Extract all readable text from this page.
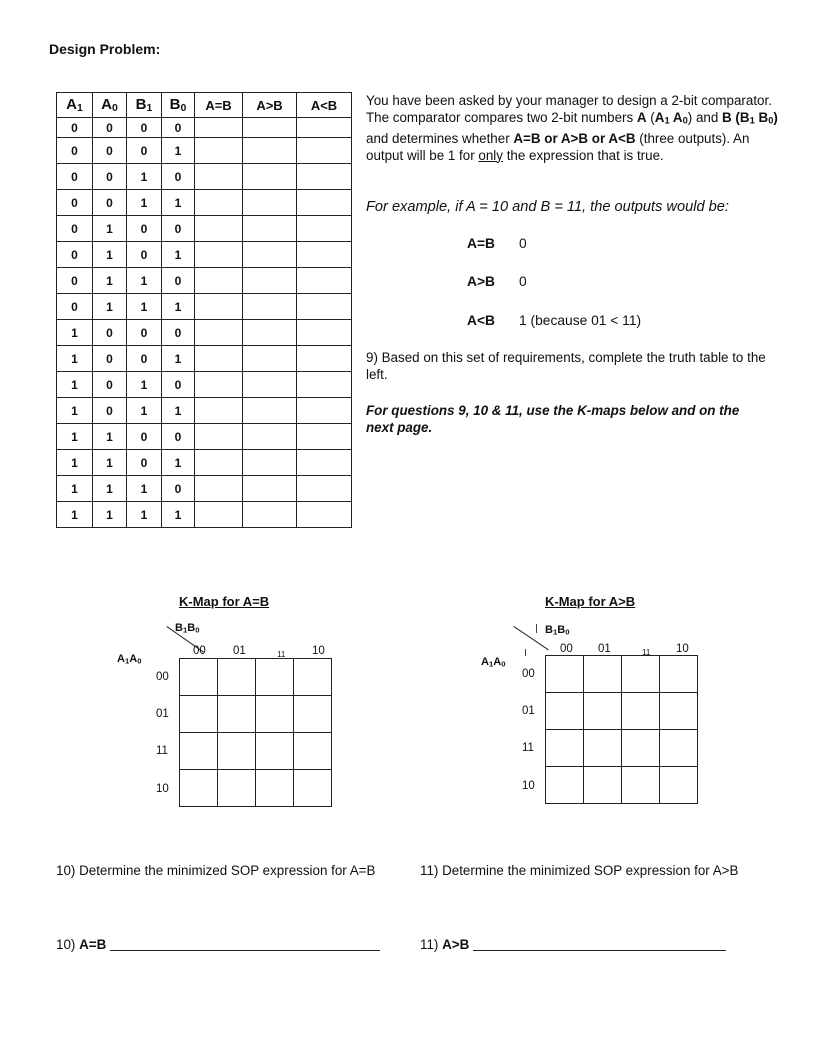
Design Problem:
$A_1$	$A_0$	$B_1$	$B_0$	A=B	A>B	A<B
0	0	0	0			
0	0	0	1			
0	0	1	0			
0	0	1	1			
0	1	0	0			
0	1	0	1			
0	1	1	0			
0	1	1	1			
1	0	0	0			
1	0	0	1			
1	0	1	0			
1	0	1	1			
1	1	0	0			
1	1	0	1			
1	1	1	0			
1	1	1	1			
You have been asked by your manager to design a 2-bit comparator. The comparator compares two 2-bit numbers A ($A_1$ $A_0$) and B ($B_1$ $B_0$) and determines whether A=B or A>B or A<B (three outputs). An output will be 1 for only the expression that is true.
For example, if A = 10 and B = 11, the outputs would be:
A=B 0
A>B 0
A<B 1 (because 01 < 11)
9) Based on this set of requirements, complete the truth table to the left.
For questions 9, 10 & 11, use the K-maps below and on the next page.
K-Map for A=B
$B_1B_0$
$A_1A_0$
00 01	11 10
00
01
11
10

K-Map for A>B
$B_1B_0$
$A_1A_0$
00 01	11 10
00
01
11
10

10) Determine the minimized SOP expression for A=B	11) Determine the minimized SOP expression for A>B
10) A=B	11) A>B
